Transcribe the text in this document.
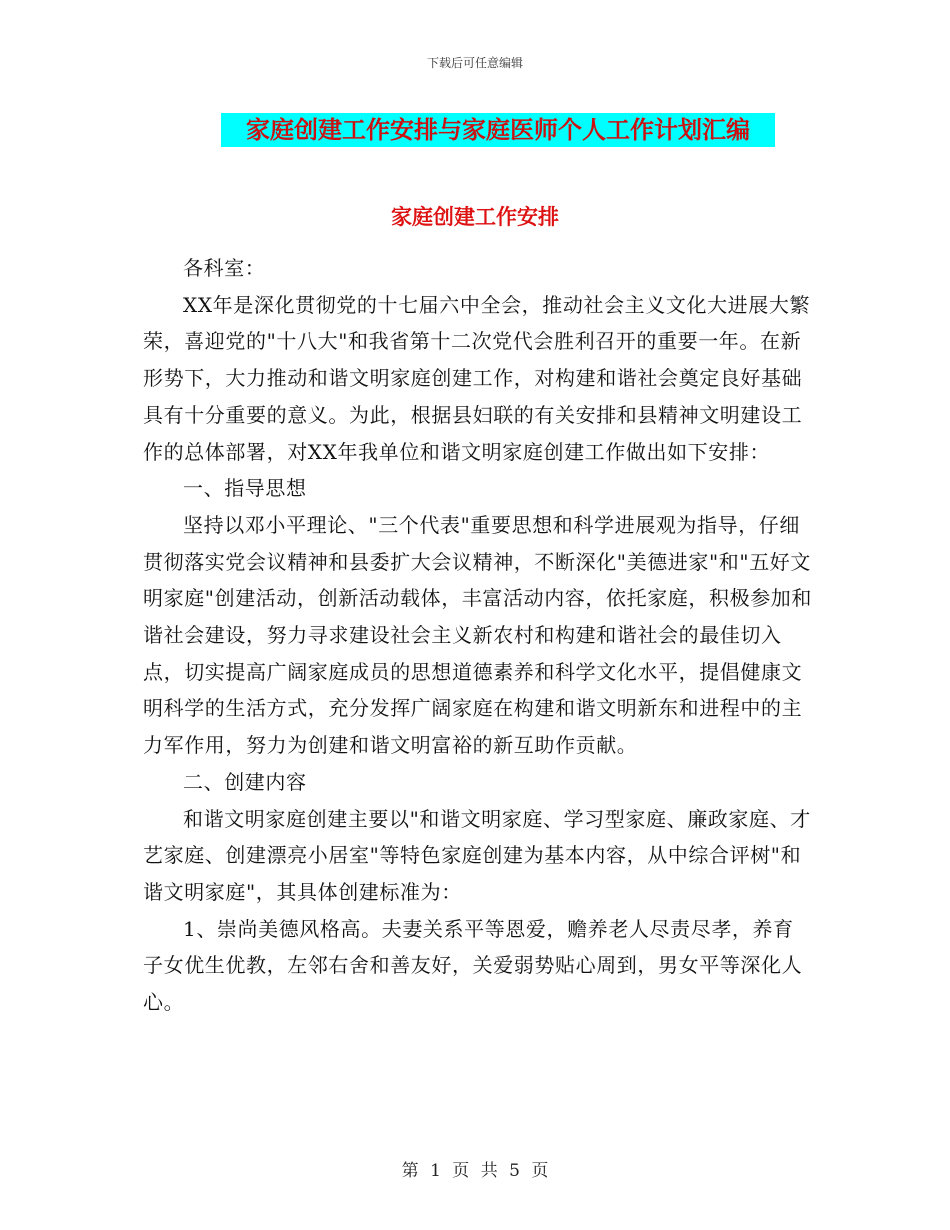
下载后可任意编辑
家庭创建工作安排与家庭医师个人工作计划汇编
家庭创建工作安排

各科室：

XX年是深化贯彻党的十七届六中全会，推动社会主义文化大进展大繁荣，喜迎党的"十八大"和我省第十二次党代会胜利召开的重要一年。在新形势下，大力推动和谐文明家庭创建工作，对构建和谐社会奠定良好基础具有十分重要的意义。为此，根据县妇联的有关安排和县精神文明建设工作的总体部署，对XX年我单位和谐文明家庭创建工作做出如下安排：

一、指导思想

坚持以邓小平理论、"三个代表"重要思想和科学进展观为指导，仔细贯彻落实党会议精神和县委扩大会议精神，不断深化"美德进家"和"五好文明家庭"创建活动，创新活动载体，丰富活动内容，依托家庭，积极参加和谐社会建设，努力寻求建设社会主义新农村和构建和谐社会的最佳切入点，切实提高广阔家庭成员的思想道德素养和科学文化水平，提倡健康文明科学的生活方式，充分发挥广阔家庭在构建和谐文明新东和进程中的主力军作用，努力为创建和谐文明富裕的新互助作贡献。

二、创建内容

和谐文明家庭创建主要以"和谐文明家庭、学习型家庭、廉政家庭、才艺家庭、创建漂亮小居室"等特色家庭创建为基本内容，从中综合评树"和谐文明家庭"，其具体创建标准为：

1、崇尚美德风格高。夫妻关系平等恩爱，赡养老人尽责尽孝，养育子女优生优教，左邻右舍和善友好，关爱弱势贴心周到，男女平等深化人心。

第 1 页 共 5 页
